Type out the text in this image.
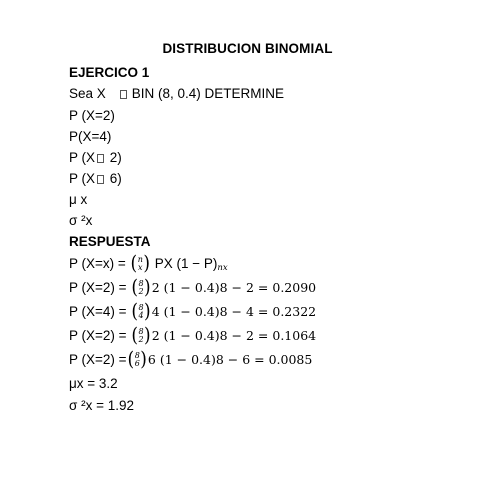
DISTRIBUCION BINOMIAL
EJERCICO 1
Sea X BIN (8, 0.4) DETERMINE
P (X=2)
P(X=4)
P (X 2)
P (X 6)
μ x
σ ²x
RESPUESTA
P (X=x) = ( n
x ) PX $(1 - P)_{nx}$
P (X=2) = ( 8
2 ) 2 (1 − 0.4)8 − 2 = 0.2090
P (X=4) = ( 8
4 ) 4 (1 − 0.4)8 − 4 = 0.2322
P (X=2) = ( 8
2 ) 2 (1 − 0.4)8 − 2 = 0.1064
P (X=2) = ( 8
6 ) 6 (1 − 0.4)8 − 6 = 0.0085
μx = 3.2
σ ²x = 1.92
